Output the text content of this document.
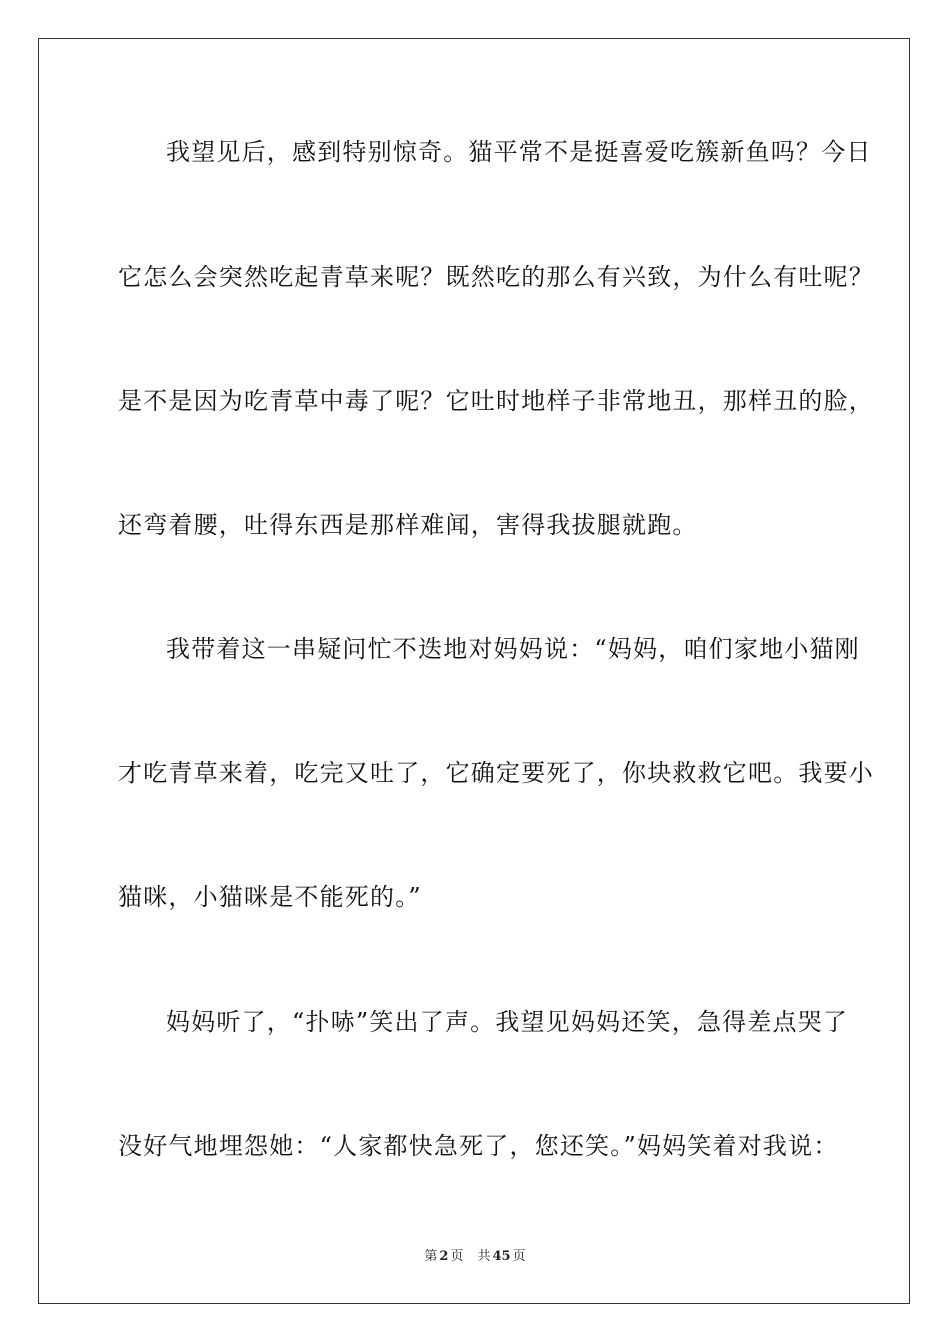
我望见后，感到特别惊奇。猫平常不是挺喜爱吃簇新鱼吗？今日
它怎么会突然吃起青草来呢？既然吃的那么有兴致，为什么有吐呢？
是不是因为吃青草中毒了呢？它吐时地样子非常地丑，那样丑的脸，
还弯着腰，吐得东西是那样难闻，害得我拔腿就跑。
我带着这一串疑问忙不迭地对妈妈说：“妈妈，咱们家地小猫刚
才吃青草来着，吃完又吐了，它确定要死了，你块救救它吧。我要小
猫咪，小猫咪是不能死的。”
妈妈听了，“扑哧”笑出了声。我望见妈妈还笑，急得差点哭了
没好气地埋怨她：“人家都快急死了，您还笑。”妈妈笑着对我说：
第 2 页 共 45 页
